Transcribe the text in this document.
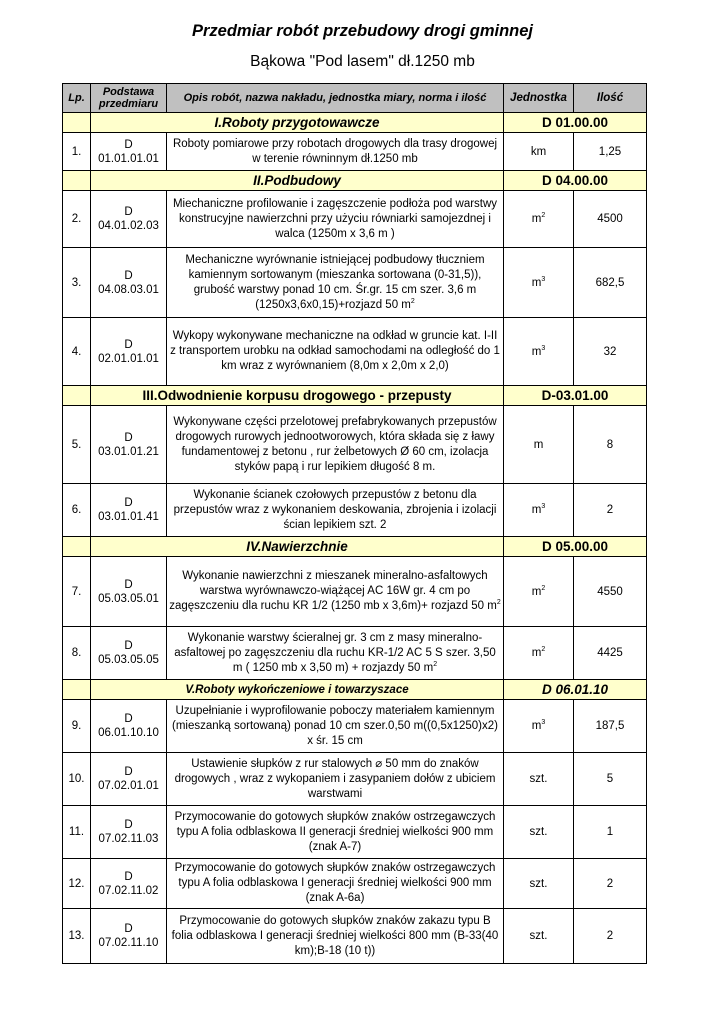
Przedmiar robót przebudowy drogi gminnej
Bąkowa "Pod lasem" dł.1250 mb
Lp.	Podstawa przedmiaru	Opis robót, nazwa nakładu, jednostka miary, norma i ilość	Jednostka	Ilość
	I.Roboty przygotowawcze		D 01.00.00	
1.	D 01.01.01.01	Roboty pomiarowe przy robotach drogowych dla trasy drogowej w terenie równinnym dł.1250 mb	km	1,25
	II.Podbudowy		D 04.00.00	
2.	D 04.01.02.03	Miechaniczne profilowanie i zagęszczenie podłoża pod warstwy konstrucyjne nawierzchni przy użyciu równiarki samojezdnej i walca (1250m x 3,6 m )	$m^2$	4500
3.	D 04.08.03.01	Mechaniczne wyrównanie istniejącej podbudowy tłuczniem kamiennym sortowanym (mieszanka sortowana (0-31,5)), grubość warstwy ponad 10 cm. Śr.gr. 15 cm szer. 3,6 m (1250x3,6x0,15)+rozjazd 50 $m^2$	$m^3$	682,5
4.	D 02.01.01.01	Wykopy wykonywane mechaniczne na odkład w gruncie kat. I-II z transportem urobku na odkład samochodami na odległość do 1 km wraz z wyrównaniem (8,0m x 2,0m x 2,0)	$m^3$	32
	III.Odwodnienie korpusu drogowego - przepusty		D-03.01.00	
5.	D 03.01.01.21	Wykonywane części przelotowej prefabrykowanych przepustów drogowych rurowych jednootworowych, która składa się z ławy fundamentowej z betonu , rur żelbetowych Ø 60 cm, izolacja styków papą i rur lepikiem długość 8 m.	m	8
6.	D 03.01.01.41	Wykonanie ścianek czołowych przepustów z betonu dla przepustów wraz z wykonaniem deskowania, zbrojenia i izolacji ścian lepikiem szt. 2	$m^3$	2
	IV.Nawierzchnie		D 05.00.00	
7.	D 05.03.05.01	Wykonanie nawierzchni z mieszanek mineralno-asfaltowych warstwa wyrównawczo-wiążącej AC 16W gr. 4 cm po zagęszczeniu dla ruchu KR 1/2 (1250 mb x 3,6m)+ rozjazd 50 $m^2$	$m^2$	4550
8.	D 05.03.05.05	Wykonanie warstwy ścieralnej gr. 3 cm z masy mineralno-asfaltowej po zagęszczeniu dla ruchu KR-1/2 AC 5 S szer. 3,50 m ( 1250 mb x 3,50 m) + rozjazdy 50 $m^2$	$m^2$	4425
	V.Roboty wykończeniowe i towarzyszace		D 06.01.10	
9.	D 06.01.10.10	Uzupełnianie i wyprofilowanie poboczy materiałem kamiennym (mieszanką sortowaną) ponad 10 cm szer.0,50 m((0,5x1250)x2) x śr. 15 cm	$m^3$	187,5
10.	D 07.02.01.01	Ustawienie słupków z rur stalowych ⌀ 50 mm do znaków drogowych , wraz z wykopaniem i zasypaniem dołów z ubiciem warstwami	szt.	5
11.	D 07.02.11.03	Przymocowanie do gotowych słupków znaków ostrzegawczych typu A folia odblaskowa II generacji średniej wielkości 900 mm (znak A-7)	szt.	1
12.	D 07.02.11.02	Przymocowanie do gotowych słupków znaków ostrzegawczych typu A folia odblaskowa I generacji średniej wielkości 900 mm (znak A-6a)	szt.	2
13.	D 07.02.11.10	Przymocowanie do gotowych słupków znaków zakazu typu B folia odblaskowa I generacji średniej wielkości 800 mm (B-33(40 km);B-18 (10 t))	szt.	2
